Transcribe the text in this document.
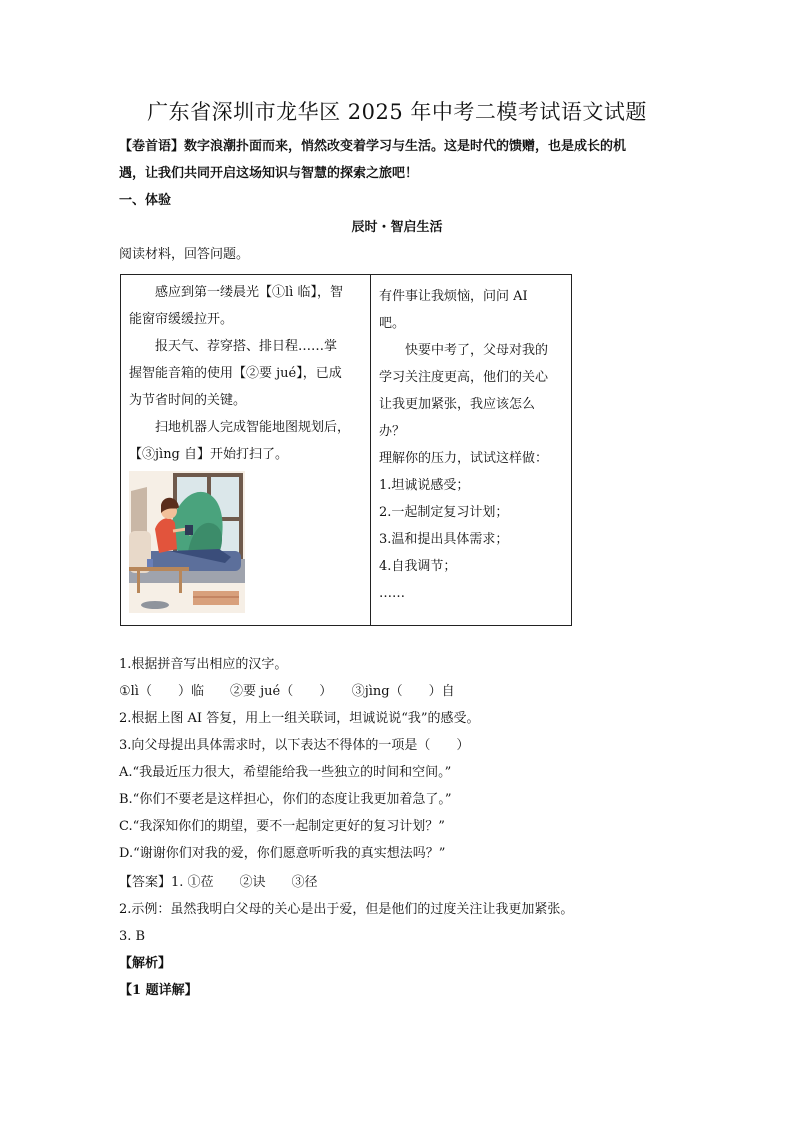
广东省深圳市龙华区 2025 年中考二模考试语文试题
【卷首语】数字浪潮扑面而来，悄然改变着学习与生活。这是时代的馈赠，也是成长的机
遇，让我们共同开启这场知识与智慧的探索之旅吧！
一、体验
辰时・智启生活
阅读材料，回答问题。

感应到第一缕晨光【①lì 临】，智

能窗帘缓缓拉开。

报天气、荐穿搭、排日程……掌

握智能音箱的使用【②要 jué】，已成

为节省时间的关键。

扫地机器人完成智能地图规划后，

【③jìng 自】开始打扫了。

有件事让我烦恼，问问 AI

吧。

快要中考了，父母对我的

学习关注度更高，他们的关心

让我更加紧张，我应该怎么

办？

理解你的压力，试试这样做：

1.坦诚说感受；

2.一起制定复习计划；

3.温和提出具体需求；

4.自我调节；

……

1.根据拼音写出相应的汉字。
①lì（　　）临　　②要 jué（　　）　　③jìng（　　）自
2.根据上图 AI 答复，用上一组关联词，坦诚说说“我”的感受。
3.向父母提出具体需求时，以下表达不得体的一项是（　　）
A.“我最近压力很大，希望能给我一些独立的时间和空间。”
B.“你们不要老是这样担心，你们的态度让我更加着急了。”
C.“我深知你们的期望，要不一起制定更好的复习计划？”
D.“谢谢你们对我的爱，你们愿意听听我的真实想法吗？”
【答案】1. ①莅　　②诀　　③径
2.示例：虽然我明白父母的关心是出于爱，但是他们的过度关注让我更加紧张。
3. B
【解析】
【1 题详解】
